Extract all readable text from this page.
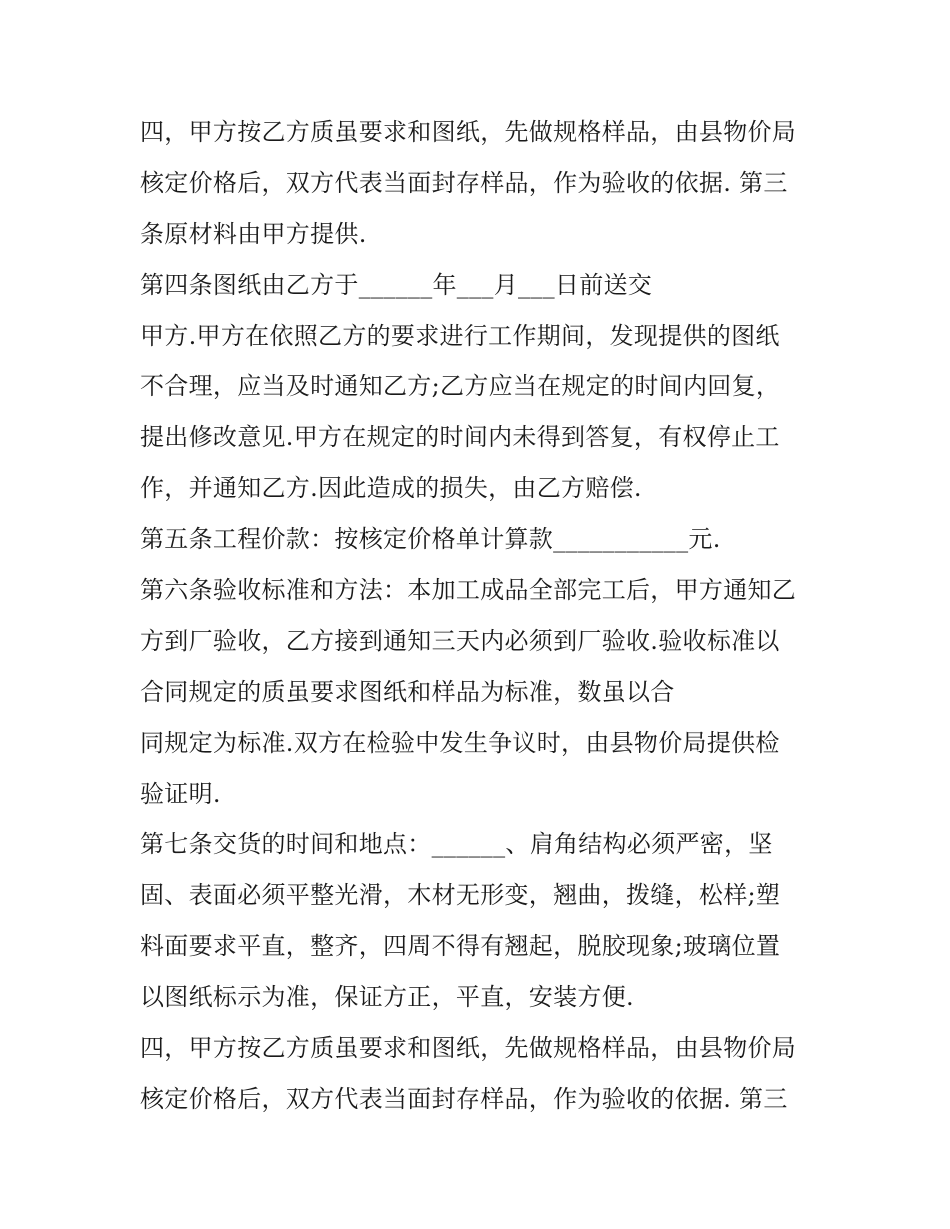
四，甲方按乙方质虽要求和图纸，先做规格样品，由县物价局
核定价格后，双方代表当面封存样品，作为验收的依据. 第三
条原材料由甲方提供.
第四条图纸由乙方于______年___月___日前送交
甲方.甲方在依照乙方的要求进行工作期间，发现提供的图纸
不合理，应当及时通知乙方;乙方应当在规定的时间内回复，
提出修改意见.甲方在规定的时间内未得到答复，有权停止工
作，并通知乙方.因此造成的损失，由乙方赔偿.
第五条工程价款：按核定价格单计算款___________元.
第六条验收标准和方法：本加工成品全部完工后，甲方通知乙
方到厂验收，乙方接到通知三天内必须到厂验收.验收标准以
合同规定的质虽要求图纸和样品为标准，数虽以合
同规定为标准.双方在检验中发生争议时，由县物价局提供检
验证明.
第七条交货的时间和地点：______、肩角结构必须严密，坚
固、表面必须平整光滑，木材无形变，翘曲，拨缝，松样;塑
料面要求平直，整齐，四周不得有翘起，脱胶现象;玻璃位置
以图纸标示为准，保证方正，平直，安装方便.
四，甲方按乙方质虽要求和图纸，先做规格样品，由县物价局
核定价格后，双方代表当面封存样品，作为验收的依据. 第三
